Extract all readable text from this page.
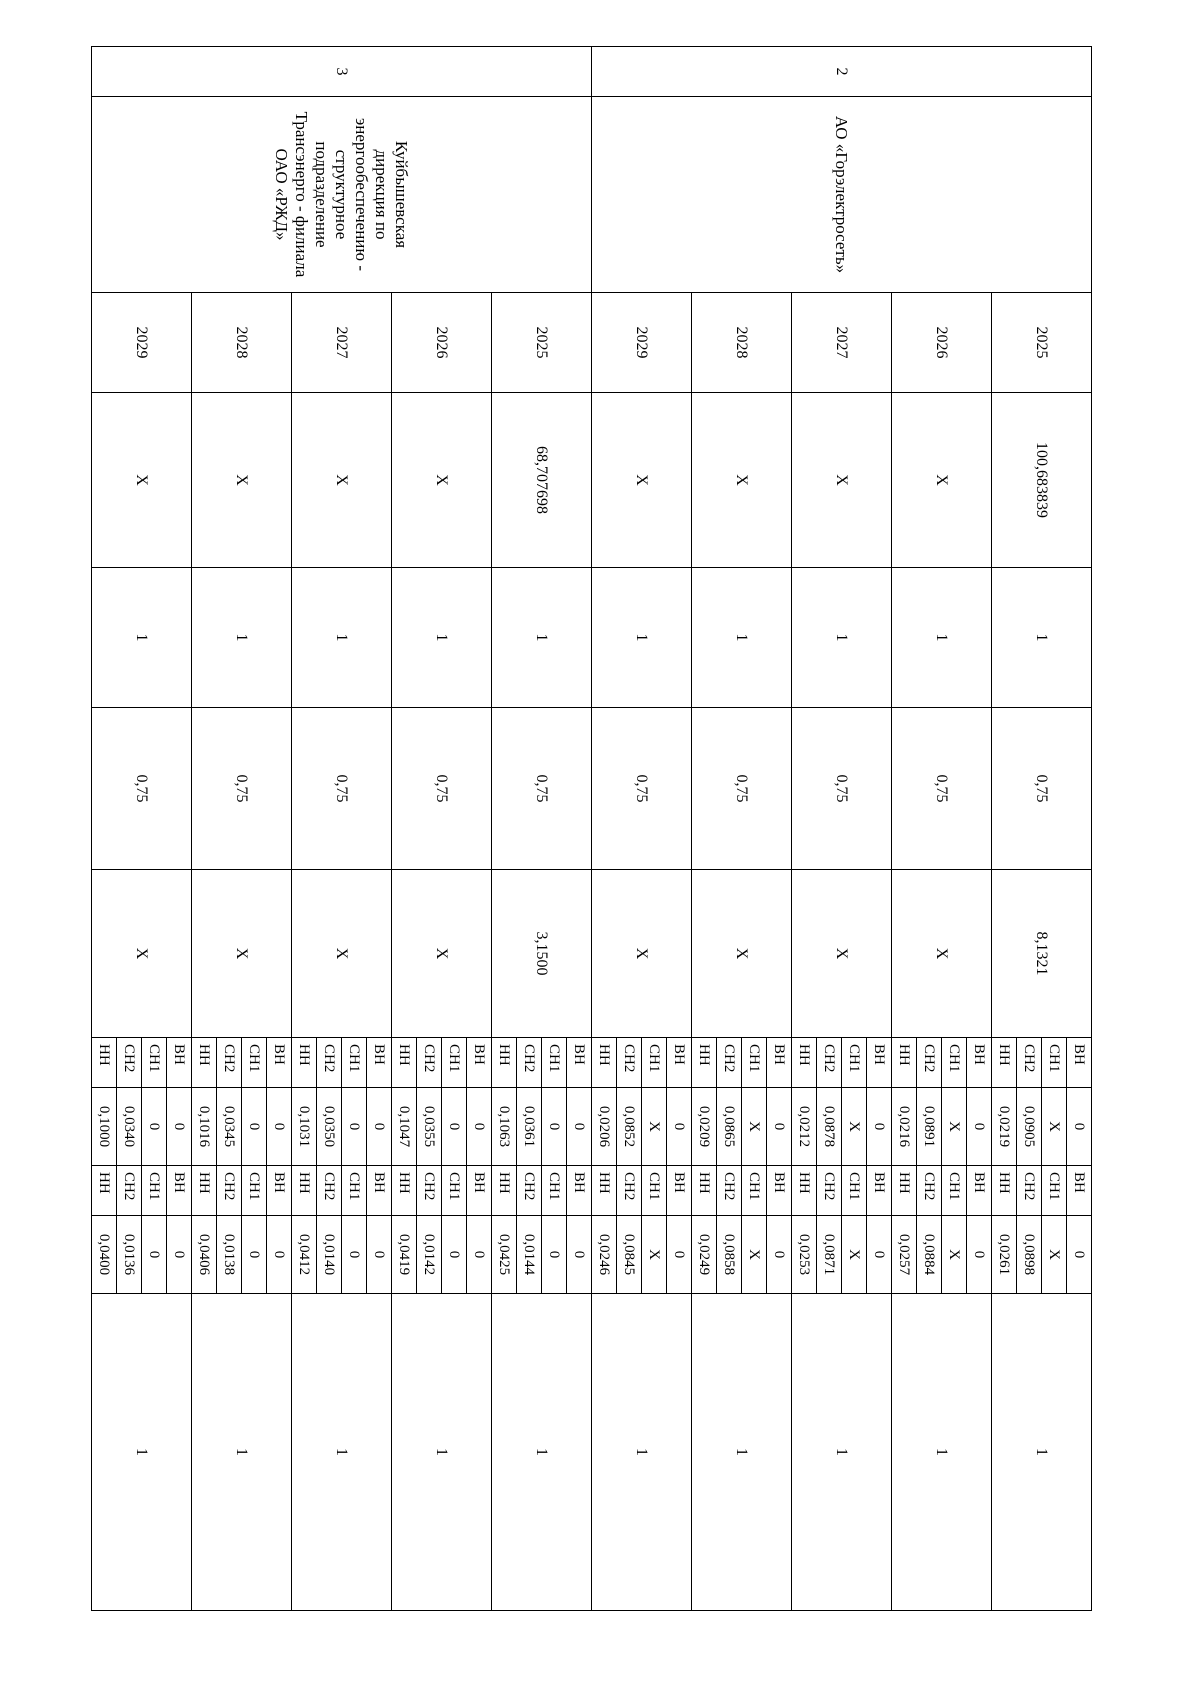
2	АО «Горэлектросеть»	2025	100,683839	1	0,75	8,1321	ВН	0	ВН	0	1
							СН1	X	СН1	X	
							СН2	0,0905	СН2	0,0898	
							НН	0,0219	НН	0,0261	
		2026	X	1	0,75	X	ВН	0	ВН	0	1
							СН1	X	СН1	X	
							СН2	0,0891	СН2	0,0884	
							НН	0,0216	НН	0,0257	
		2027	X	1	0,75	X	ВН	0	ВН	0	1
							СН1	X	СН1	X	
							СН2	0,0878	СН2	0,0871	
							НН	0,0212	НН	0,0253	
		2028	X	1	0,75	X	ВН	0	ВН	0	1
							СН1	X	СН1	X	
							СН2	0,0865	СН2	0,0858	
							НН	0,0209	НН	0,0249	
		2029	X	1	0,75	X	ВН	0	ВН	0	1
							СН1	X	СН1	X	
							СН2	0,0852	СН2	0,0845	
							НН	0,0206	НН	0,0246	
3	Куйбышевская дирекция по энергообеспечению - структурное подразделение Трансэнерго - филиала ОАО «РЖД»	2025	68,707698	1	0,75	3,1500	ВН	0	ВН	0	1
							СН1	0	СН1	0	
							СН2	0,0361	СН2	0,0144	
							НН	0,1063	НН	0,0425	
		2026	X	1	0,75	X	ВН	0	ВН	0	1
							СН1	0	СН1	0	
							СН2	0,0355	СН2	0,0142	
							НН	0,1047	НН	0,0419	
		2027	X	1	0,75	X	ВН	0	ВН	0	1
							СН1	0	СН1	0	
							СН2	0,0350	СН2	0,0140	
							НН	0,1031	НН	0,0412	
		2028	X	1	0,75	X	ВН	0	ВН	0	1
							СН1	0	СН1	0	
							СН2	0,0345	СН2	0,0138	
							НН	0,1016	НН	0,0406	
		2029	X	1	0,75	X	ВН	0	ВН	0	1
							СН1	0	СН1	0	
							СН2	0,0340	СН2	0,0136	
							НН	0,1000	НН	0,0400	
